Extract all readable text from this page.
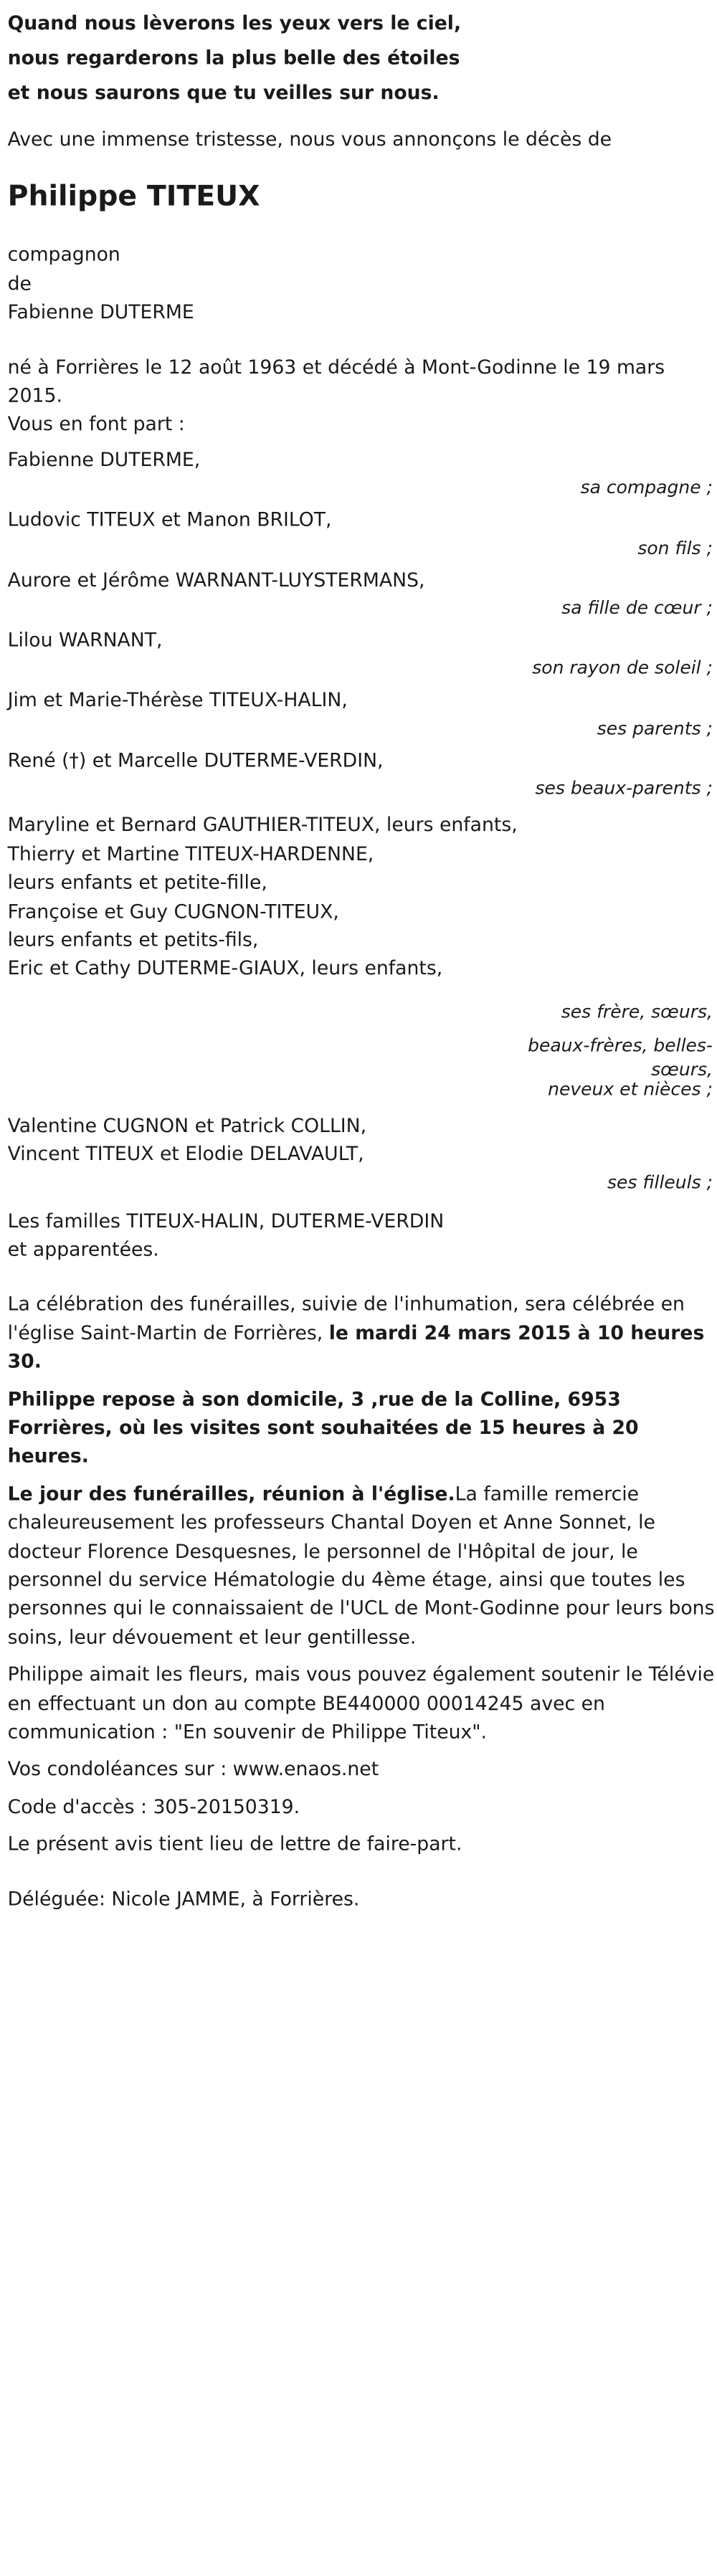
Quand nous lèverons les yeux vers le ciel,

nous regarderons la plus belle des étoiles

et nous saurons que tu veilles sur nous.

Avec une immense tristesse, nous vous annonçons le décès de

Philippe TITEUX

compagnon

de

Fabienne DUTERME

né à Forrières le 12 août 1963 et décédé à Mont-Godinne le 19 mars 2015.

Vous en font part :

Fabienne DUTERME,

sa compagne ;

Ludovic TITEUX et Manon BRILOT,

son fils ;

Aurore et Jérôme WARNANT-LUYSTERMANS,

sa fille de cœur ;

Lilou WARNANT,

son rayon de soleil ;

Jim et Marie-Thérèse TITEUX-HALIN,

ses parents ;

René (†) et Marcelle DUTERME-VERDIN,

ses beaux-parents ;

Maryline et Bernard GAUTHIER-TITEUX, leurs enfants,

Thierry et Martine TITEUX-HARDENNE,

leurs enfants et petite-fille,

Françoise et Guy CUGNON-TITEUX,

leurs enfants et petits-fils,

Eric et Cathy DUTERME-GIAUX, leurs enfants,

ses frère, sœurs,

beaux-frères, belles-

sœurs,

neveux et nièces ;

Valentine CUGNON et Patrick COLLIN,

Vincent TITEUX et Elodie DELAVAULT,

ses filleuls ;

Les familles TITEUX-HALIN, DUTERME-VERDIN

et apparentées.

La célébration des funérailles, suivie de l'inhumation, sera célébrée en l'église Saint-Martin de Forrières, le mardi 24 mars 2015 à 10 heures 30.

Philippe repose à son domicile, 3 ,rue de la Colline, 6953 Forrières, où les visites sont souhaitées de 15 heures à 20 heures.

Le jour des funérailles, réunion à l'église.La famille remercie chaleureusement les professeurs Chantal Doyen et Anne Sonnet, le docteur Florence Desquesnes, le personnel de l'Hôpital de jour, le personnel du service Hématologie du 4ème étage, ainsi que toutes les personnes qui le connaissaient de l'UCL de Mont-Godinne pour leurs bons soins, leur dévouement et leur gentillesse.

Philippe aimait les fleurs, mais vous pouvez également soutenir le Télévie en effectuant un don au compte BE440000 00014245 avec en communication : "En souvenir de Philippe Titeux".

Vos condoléances sur : www.enaos.net

Code d'accès : 305-20150319.

Le présent avis tient lieu de lettre de faire-part.

Déléguée: Nicole JAMME, à Forrières.
